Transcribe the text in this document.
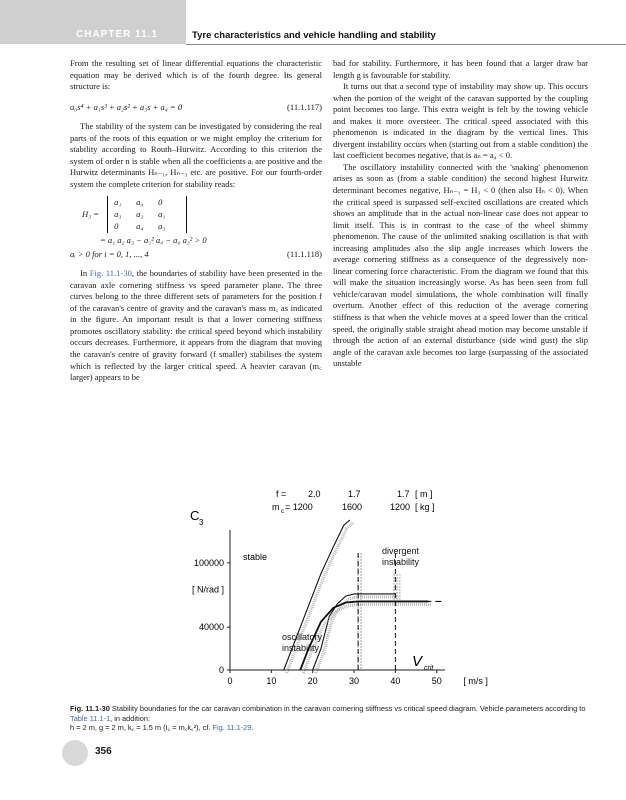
CHAPTER 11.1	Tyre characteristics and vehicle handling and stability

From the resulting set of linear differential equations the characteristic equation may be derived which is of the fourth degree. Its general structure is:

a₀s⁴ + a₁s³ + a₂s² + a₃s + a₄ = 0	(11.1.117)

The stability of the system can be investigated by considering the real parts of the roots of this equation or we might employ the criterium for stability according to Routh–Hurwitz. According to this criterion the system of order n is stable when all the coefficients aᵢ are positive and the Hurwitz determinants Hₙ₋₁, Hₙ₋₃ etc. are positive. For our fourth-order system the complete criterion for stability reads:

H₃ =
a₁	a₀	0
a₃	a₂	a₁
0	a₄	a₃
= a₁ a₂ a₃ − a₁² a₄ − a₀ a₃² > 0
aᵢ > 0 for i = 0, 1, ..., 4	(11.1.118)

In Fig. 11.1-30, the boundaries of stability have been presented in the caravan axle cornering stiffness vs speed parameter plane. The three curves belong to the three different sets of parameters for the position f of the caravan's centre of gravity and the caravan's mass m꜀ as indicated in the figure. An important result is that a lower cornering stiffness promotes oscillatory stability: the critical speed beyond which instability occurs decreases. Furthermore, it appears from the diagram that moving the caravan's centre of gravity forward (f smaller) stabilises the system which is reflected by the larger critical speed. A heavier caravan (m꜀ larger) appears to be

bad for stability. Furthermore, it has been found that a larger draw bar length g is favourable for stability.

It turns out that a second type of instability may show up. This occurs when the portion of the weight of the caravan supported by the coupling point becomes too large. This extra weight is felt by the towing vehicle and makes it more oversteer. The critical speed associated with this phenomenon is indicated in the diagram by the vertical lines. This divergent instability occurs when (starting out from a stable condition) the last coefficient becomes negative, that is aₙ = a₄ < 0.

The oscillatory instability connected with the 'snaking' phenomenon arises as soon as (from a stable condition) the second highest Hurwitz determinant becomes negative, Hₙ₋₁ = H₃ < 0 (then also Hₙ < 0). When the critical speed is surpassed self-excited oscillations are created which shows an amplitude that in the actual non-linear case does not appear to limit itself. This is in contrast to the case of the wheel shimmy phenomenon. The cause of the unlimited snaking oscillation is that with increasing amplitudes also the slip angle increases which lowers the average cornering stiffness as a consequence of the degressively non-linear cornering force characteristic. From the diagram we found that this will make the situation increasingly worse. As has been seen from full vehicle/caravan model simulations, the whole combination will finally overturn. Another effect of this reduction of the average cornering stiffness is that when the vehicle moves at a speed lower than the critical speed, the originally stable straight ahead motion may become unstable if through the action of an external disturbance (side wind gust) the slip angle of the caravan axle becomes too large (surpassing of the associated unstable

0	10	20	30	40	50 [ m/s ]
0
40000
[ N/rad ]
100000
C 3
f = 2.0	1.7	1.7 [ m ]
m c = 1200	1600	1200 [ kg ]
stable
divergent instability
oscillatory instability
V crit
Fig. 11.1-30 Stability boundaries for the car caravan combination in the caravan cornering stiffness vs critical speed diagram. Vehicle parameters according to Table 11.1-1, in addition:
h = 2 m, g = 2 m, k꜀ = 1.5 m (I꜀ = m꜀k꜀²), cf. Fig. 11.1-29.
356
